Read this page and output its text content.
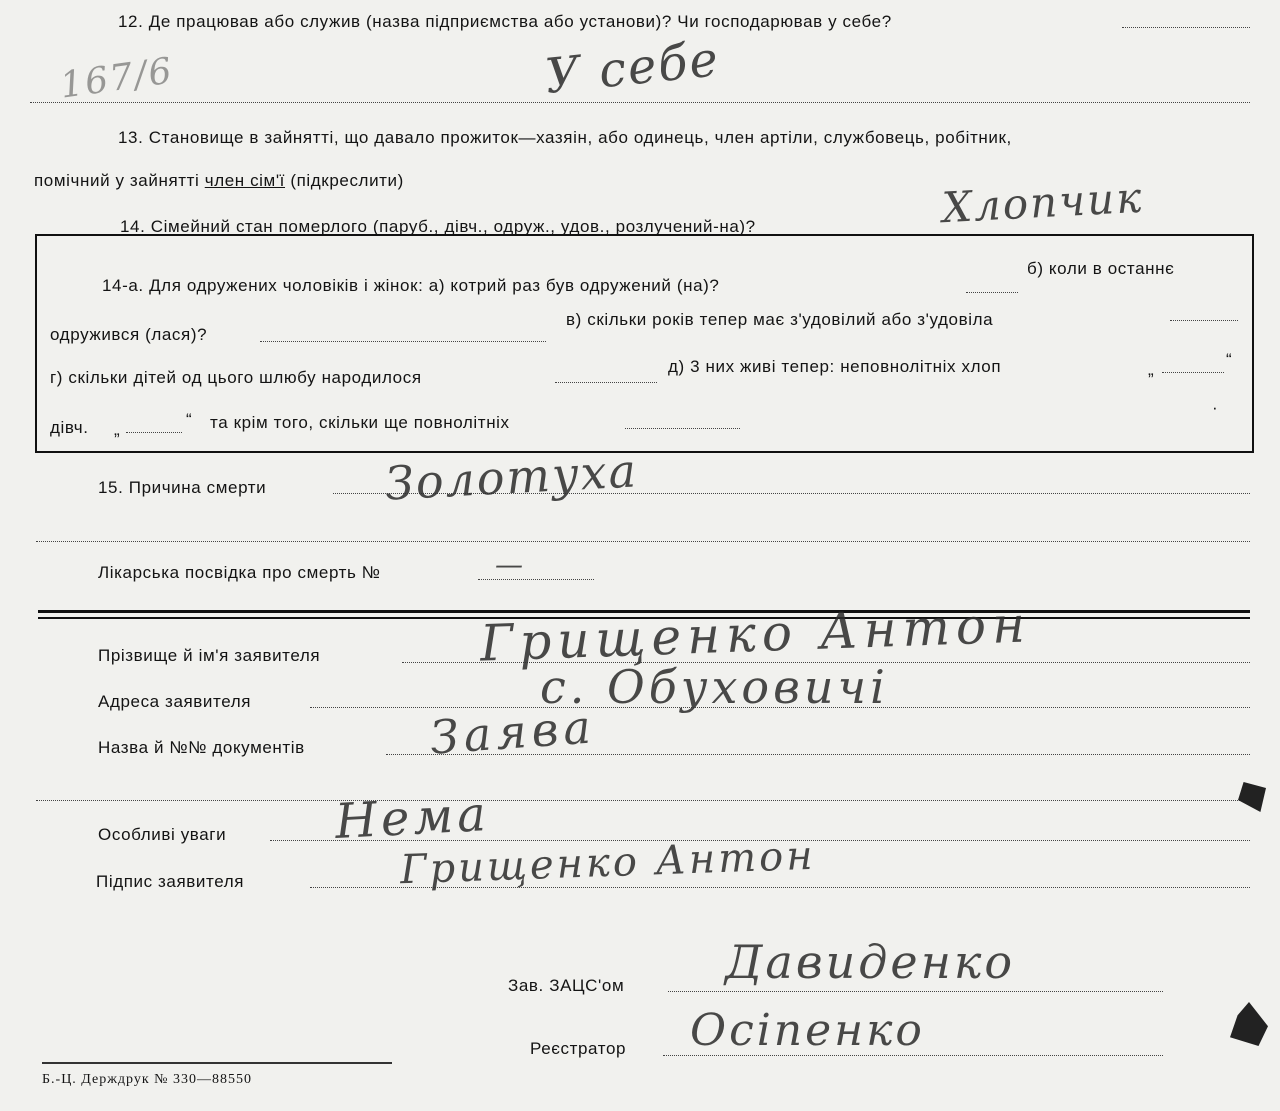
12. Де працював або служив (назва підприємства або установи)? Чи господарював у себе?
167/6	У себе
13. Становище в зайнятті, що давало прожиток—хазяін, або одинець, член артіли, службовець, робітник,
помічний у зайнятті член сім'ї (підкреслити)
14. Сімейний стан померлого (паруб., дівч., одруж., удов., розлучений-на)?	Хлопчик
14-а. Для одружених чоловіків і жінок: а) котрий раз був одружений (на)?
б) коли в останнє
одружився (лася)?
в) скільки років тепер має з'удовілий або з'удовіла
г) скільки дітей од цього шлюбу народилося
д) 3 них живі тепер: неповнолітніх хлоп	„
“
дівч. „
“ та крім того, скільки ще повнолітніх
·
15. Причина смерти	Золотуха
Лікарська посвідка про смерть №	—
Прізвище й ім'я заявителя	Грищенко Антон
Адреса заявителя	с. Обуховичі
Назва й №№ документів	Заява
Особливі уваги Нема
Підпис заявителя	Грищенко Антон
Зав. ЗАЦС'ом Давиденко
Реєстратор Осіпенко
Б.-Ц. Держдрук № 330—88550
